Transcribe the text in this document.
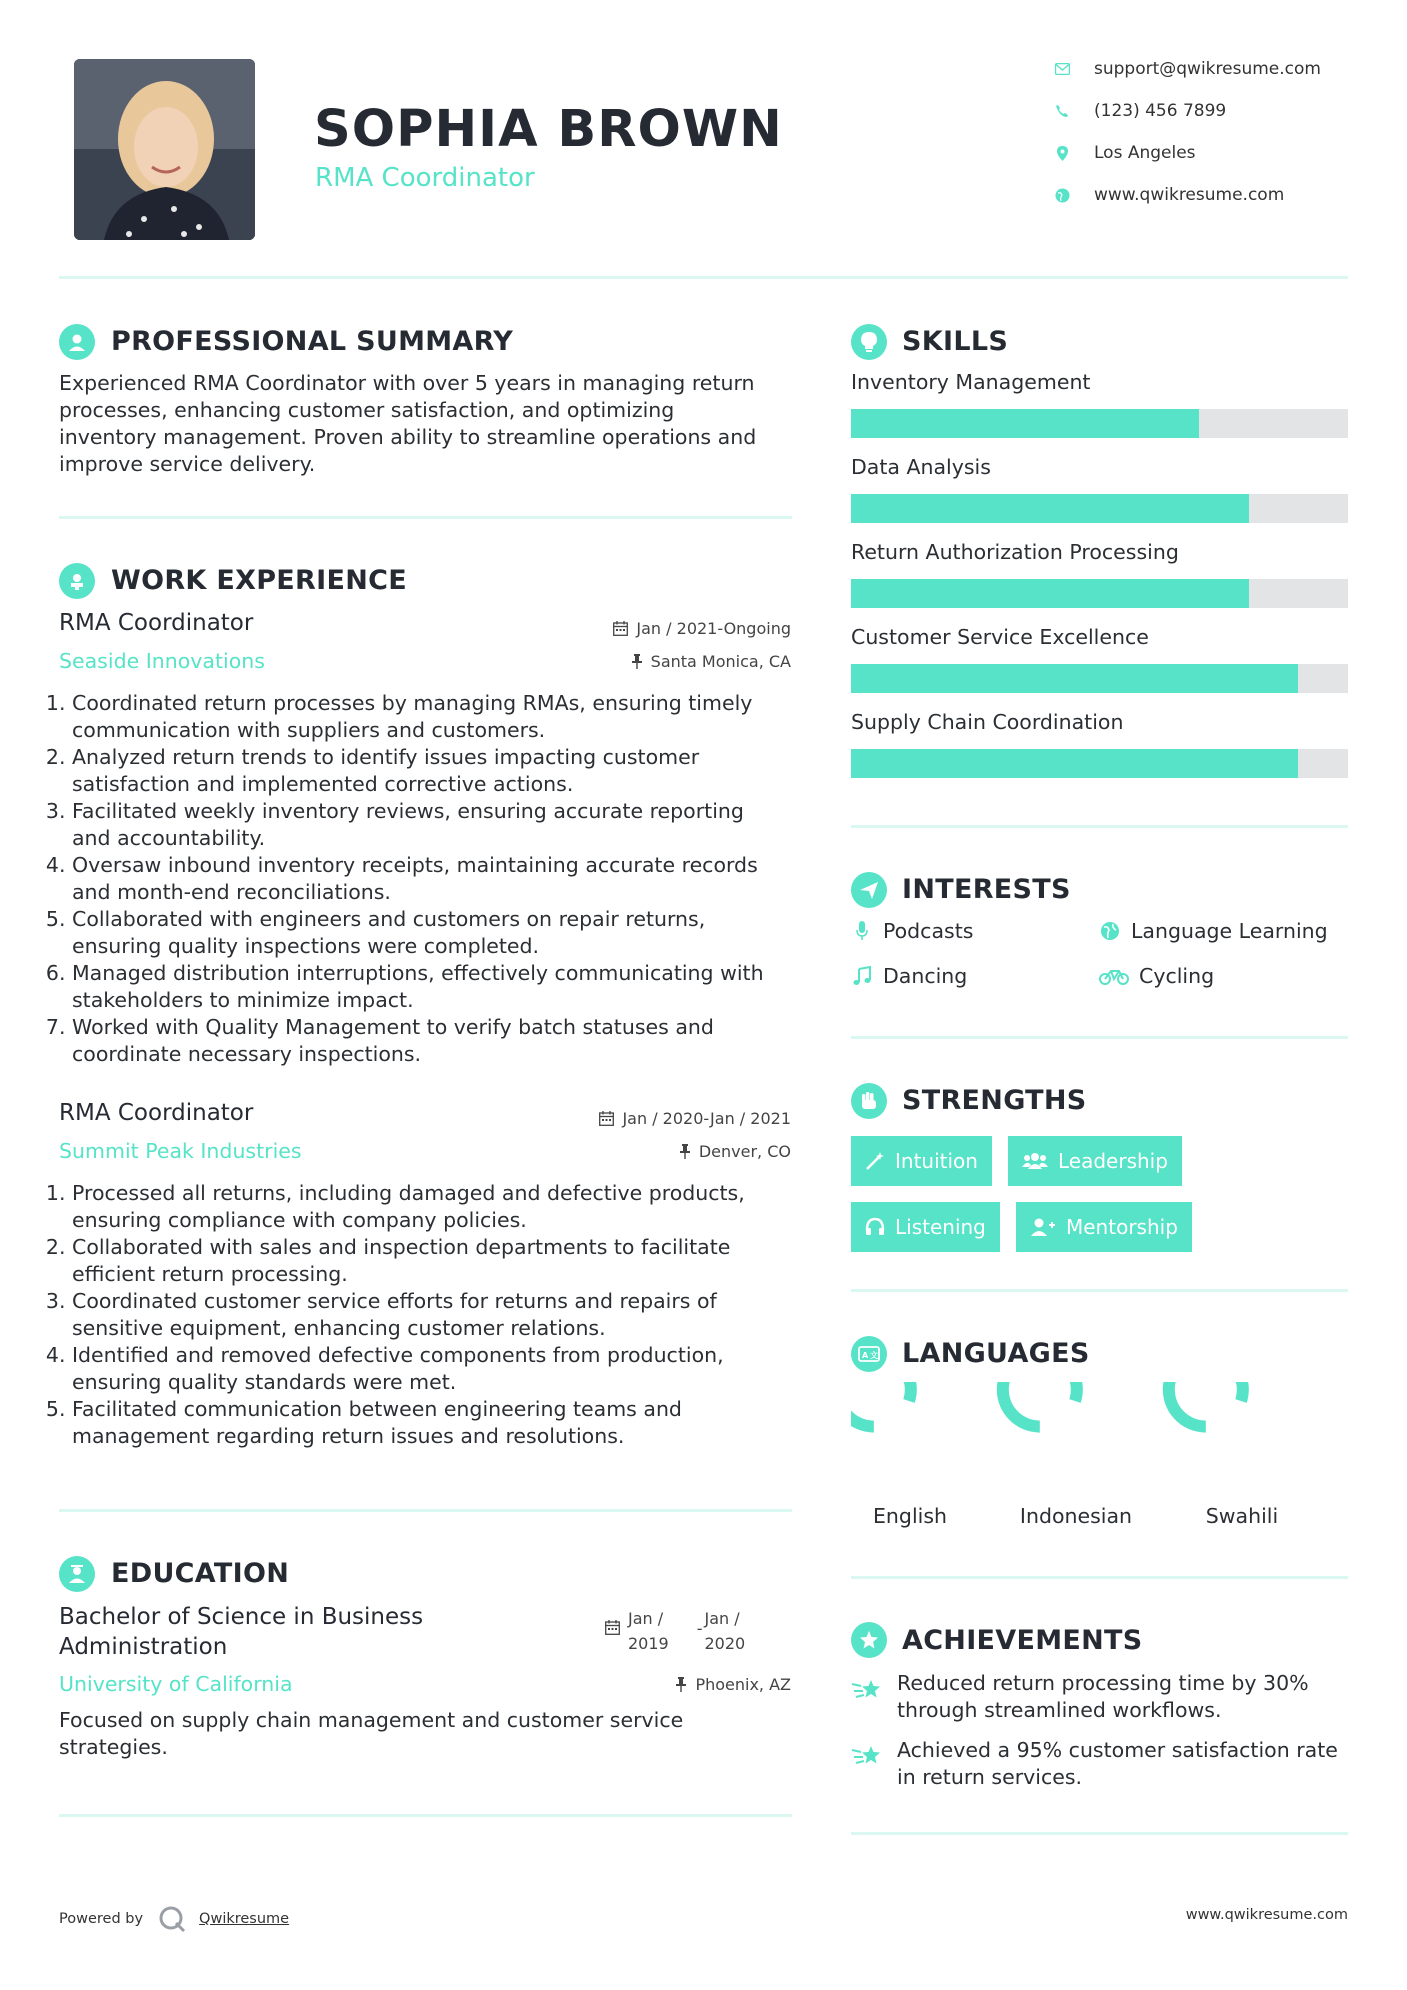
SOPHIA BROWN
RMA Coordinator
support@qwikresume.com
(123) 456 7899
Los Angeles
www.qwikresume.com
PROFESSIONAL SUMMARY
Experienced RMA Coordinator with over 5 years in managing return
processes, enhancing customer satisfaction, and optimizing
inventory management. Proven ability to streamline operations and
improve service delivery.
WORK EXPERIENCE
RMA Coordinator	Jan / 2021-Ongoing
Seaside Innovations	Santa Monica, CA
1. Coordinated return processes by managing RMAs, ensuring timely
communication with suppliers and customers.
2. Analyzed return trends to identify issues impacting customer
satisfaction and implemented corrective actions.
3. Facilitated weekly inventory reviews, ensuring accurate reporting
and accountability.
4. Oversaw inbound inventory receipts, maintaining accurate records
and month-end reconciliations.
5. Collaborated with engineers and customers on repair returns,
ensuring quality inspections were completed.
6. Managed distribution interruptions, effectively communicating with
stakeholders to minimize impact.
7. Worked with Quality Management to verify batch statuses and
coordinate necessary inspections.
RMA Coordinator	Jan / 2020-Jan / 2021
Summit Peak Industries	Denver, CO
1. Processed all returns, including damaged and defective products,
ensuring compliance with company policies.
2. Collaborated with sales and inspection departments to facilitate
efficient return processing.
3. Coordinated customer service efforts for returns and repairs of
sensitive equipment, enhancing customer relations.
4. Identified and removed defective components from production,
ensuring quality standards were met.
5. Facilitated communication between engineering teams and
management regarding return issues and resolutions.
EDUCATION
Bachelor of Science in Business
Administration
Jan /
2019
-
Jan /
2020
University of California	Phoenix, AZ
Focused on supply chain management and customer service
strategies.
SKILLS
Inventory Management
Data Analysis
Return Authorization Processing
Customer Service Excellence
Supply Chain Coordination
INTERESTS
Podcasts	Language Learning
Dancing	Cycling
STRENGTHS
Intuition	Leadership
Listening	Mentorship
A 文 LANGUAGES
English	Indonesian	Swahili
ACHIEVEMENTS
Reduced return processing time by 30%
through streamlined workflows.
Achieved a 95% customer satisfaction rate
in return services.
Powered by	Qwikresume	www.qwikresume.com
